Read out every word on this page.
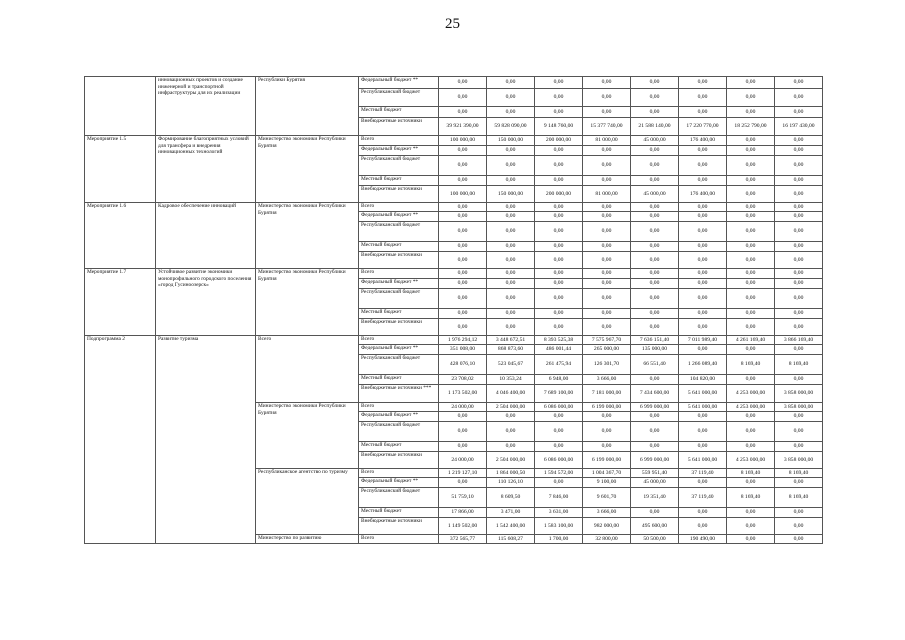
25
	инновационных проектов и создание инженерной и транспортной инфраструктуры для их реализации	Республики Бурятия	Федеральный бюджет **	0,00	0,00	0,00	0,00	0,00	0,00	0,00	0,00
			Республиканский бюджет	0,00	0,00	0,00	0,00	0,00	0,00	0,00	0,00
			Местный бюджет	0,00	0,00	0,00	0,00	0,00	0,00	0,00	0,00
			Внебюджетные источники	39 921 390,00	59 828 090,00	9 148 760,00	15 377 740,00	21 588 140,00	17 220 770,00	18 252 790,00	16 197 430,00
Мероприятие 1.5	Формирование благоприятных условий для трансфера и внедрения инновационных технологий	Министерство экономики Республики Бурятия	Всего	100 000,00	150 000,00	200 000,00	81 000,00	45 000,00	176 400,00	0,00	0,00
			Федеральный бюджет **	0,00	0,00	0,00	0,00	0,00	0,00	0,00	0,00
			Республиканский бюджет	0,00	0,00	0,00	0,00	0,00	0,00	0,00	0,00
			Местный бюджет	0,00	0,00	0,00	0,00	0,00	0,00	0,00	0,00
			Внебюджетные источники	100 000,00	150 000,00	200 000,00	81 000,00	45 000,00	176 400,00	0,00	0,00
Мероприятие 1.6	Кадровое обеспечение инноваций	Министерство экономики Республики Бурятия	Всего	0,00	0,00	0,00	0,00	0,00	0,00	0,00	0,00
			Федеральный бюджет **	0,00	0,00	0,00	0,00	0,00	0,00	0,00	0,00
			Республиканский бюджет	0,00	0,00	0,00	0,00	0,00	0,00	0,00	0,00
			Местный бюджет	0,00	0,00	0,00	0,00	0,00	0,00	0,00	0,00
			Внебюджетные источники	0,00	0,00	0,00	0,00	0,00	0,00	0,00	0,00
Мероприятие 1.7	Устойчивое развитие экономики монопрофильного городского поселения «город Гусиноозерск»	Министерство экономики Республики Бурятия	Всего	0,00	0,00	0,00	0,00	0,00	0,00	0,00	0,00
			Федеральный бюджет **	0,00	0,00	0,00	0,00	0,00	0,00	0,00	0,00
			Республиканский бюджет	0,00	0,00	0,00	0,00	0,00	0,00	0,00	0,00
			Местный бюджет	0,00	0,00	0,00	0,00	0,00	0,00	0,00	0,00
			Внебюджетные источники	0,00	0,00	0,00	0,00	0,00	0,00	0,00	0,00
Подпрограмма 2	Развитие туризма	Всего	Всего	1 976 294,12	3 448 672,51	8 393 525,38	7 575 967,70	7 636 151,40	7 011 989,40	4 261 169,40	3 866 169,40
			Федеральный бюджет **	351 008,00	868 873,60	486 001,44	265 000,00	135 000,00	0,00	0,00	0,00
			Республиканский бюджет	428 076,10	523 045,67	261 475,94	126 301,70	66 551,40	1 266 089,40	8 169,40	8 169,40
			Местный бюджет	23 708,02	10 353,24	6 948,00	3 666,00	0,00	104 820,00	0,00	0,00
			Внебюджетные источники ***	1 173 502,00	4 046 400,00	7 689 100,00	7 181 000,00	7 434 600,00	5 641 000,00	4 253 000,00	3 858 000,00
		Министерство экономики Республики Бурятия	Всего	24 000,00	2 504 000,00	6 086 000,00	6 199 000,00	6 999 000,00	5 641 000,00	4 253 000,00	3 858 000,00
			Федеральный бюджет **	0,00	0,00	0,00	0,00	0,00	0,00	0,00	0,00
			Республиканский бюджет	0,00	0,00	0,00	0,00	0,00	0,00	0,00	0,00
			Местный бюджет	0,00	0,00	0,00	0,00	0,00	0,00	0,00	0,00
			Внебюджетные источники	24 000,00	2 504 000,00	6 086 000,00	6 199 000,00	6 999 000,00	5 641 000,00	4 253 000,00	3 858 000,00
		Республиканское агентство по туризму	Всего	1 219 127,10	1 864 000,50	1 594 572,00	1 004 367,70	559 951,40	37 119,40	8 169,40	8 169,40
			Федеральный бюджет **	0,00	110 126,10	0,00	9 100,00	45 000,00	0,00	0,00	0,00
			Республиканский бюджет	51 759,10	8 609,50	7 846,00	9 601,70	19 351,40	37 119,40	8 169,40	8 169,40
			Местный бюджет	17 866,00	3 471,00	3 631,00	3 666,00	0,00	0,00	0,00	0,00
			Внебюджетные источники	1 149 502,00	1 542 400,00	1 583 100,00	982 000,00	495 600,00	0,00	0,00	0,00
		Министерство по развитию	Всего	372 565,77	115 608,27	1 700,00	32 800,00	50 500,00	190 490,00	0,00	0,00
